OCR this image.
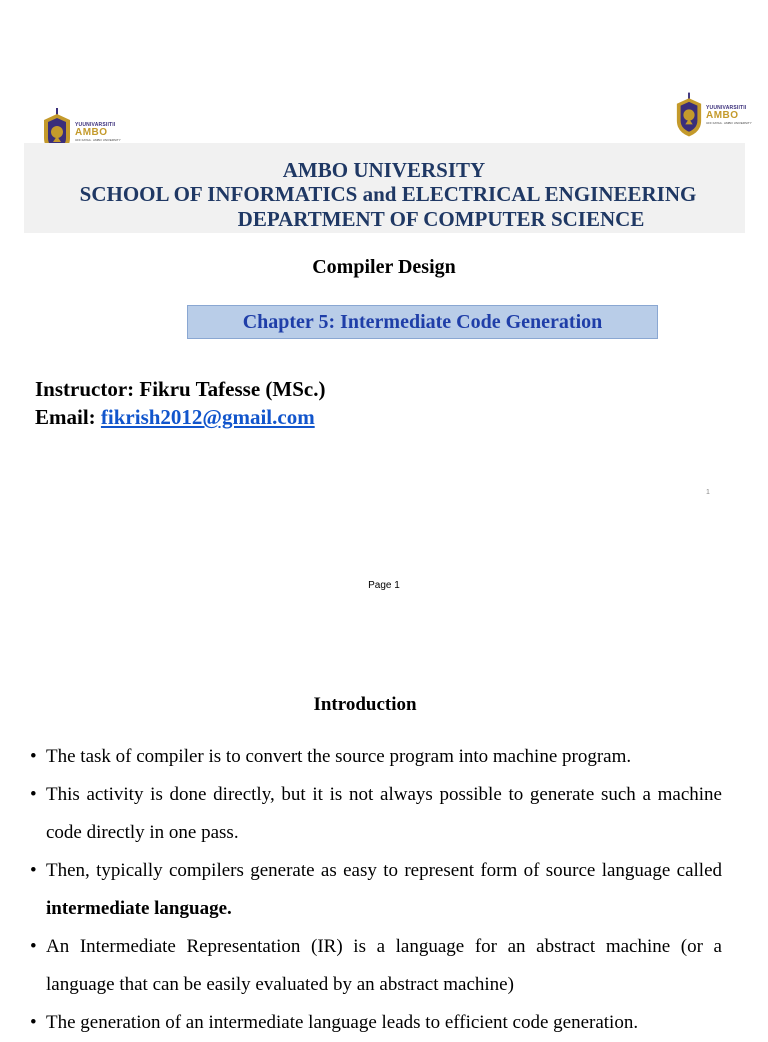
YUUNIVARSIITII
AMBO
UFF FATAA · AMBO UNIVERSITY
YUUNIVARSIITII
AMBO
UFF FATAA · AMBO UNIVERSITY
AMBO UNIVERSITY
SCHOOL OF INFORMATICS and ELECTRICAL ENGINEERING
DEPARTMENT OF COMPUTER SCIENCE
Compiler Design
Chapter 5: Intermediate Code Generation
Instructor: Fikru Tafesse (MSc.)
Email: fikrish2012@gmail.com
1
Page 1
Introduction
• The task of compiler is to convert the source program into machine program.
• This activity is done directly, but it is not always possible to generate such a machine code directly in one pass.
• Then, typically compilers generate as easy to represent form of source language called intermediate language.
• An Intermediate Representation (IR) is a language for an abstract machine (or a language that can be easily evaluated by an abstract machine)
• The generation of an intermediate language leads to efficient code generation.
